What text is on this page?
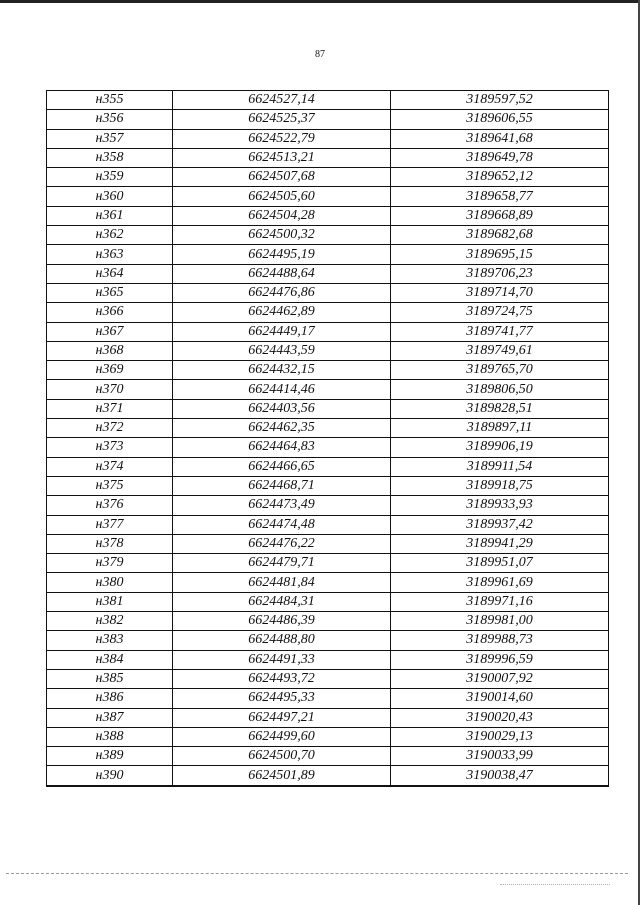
87
н355	6624527,14	3189597,52
н356	6624525,37	3189606,55
н357	6624522,79	3189641,68
н358	6624513,21	3189649,78
н359	6624507,68	3189652,12
н360	6624505,60	3189658,77
н361	6624504,28	3189668,89
н362	6624500,32	3189682,68
н363	6624495,19	3189695,15
н364	6624488,64	3189706,23
н365	6624476,86	3189714,70
н366	6624462,89	3189724,75
н367	6624449,17	3189741,77
н368	6624443,59	3189749,61
н369	6624432,15	3189765,70
н370	6624414,46	3189806,50
н371	6624403,56	3189828,51
н372	6624462,35	3189897,11
н373	6624464,83	3189906,19
н374	6624466,65	3189911,54
н375	6624468,71	3189918,75
н376	6624473,49	3189933,93
н377	6624474,48	3189937,42
н378	6624476,22	3189941,29
н379	6624479,71	3189951,07
н380	6624481,84	3189961,69
н381	6624484,31	3189971,16
н382	6624486,39	3189981,00
н383	6624488,80	3189988,73
н384	6624491,33	3189996,59
н385	6624493,72	3190007,92
н386	6624495,33	3190014,60
н387	6624497,21	3190020,43
н388	6624499,60	3190029,13
н389	6624500,70	3190033,99
н390	6624501,89	3190038,47
